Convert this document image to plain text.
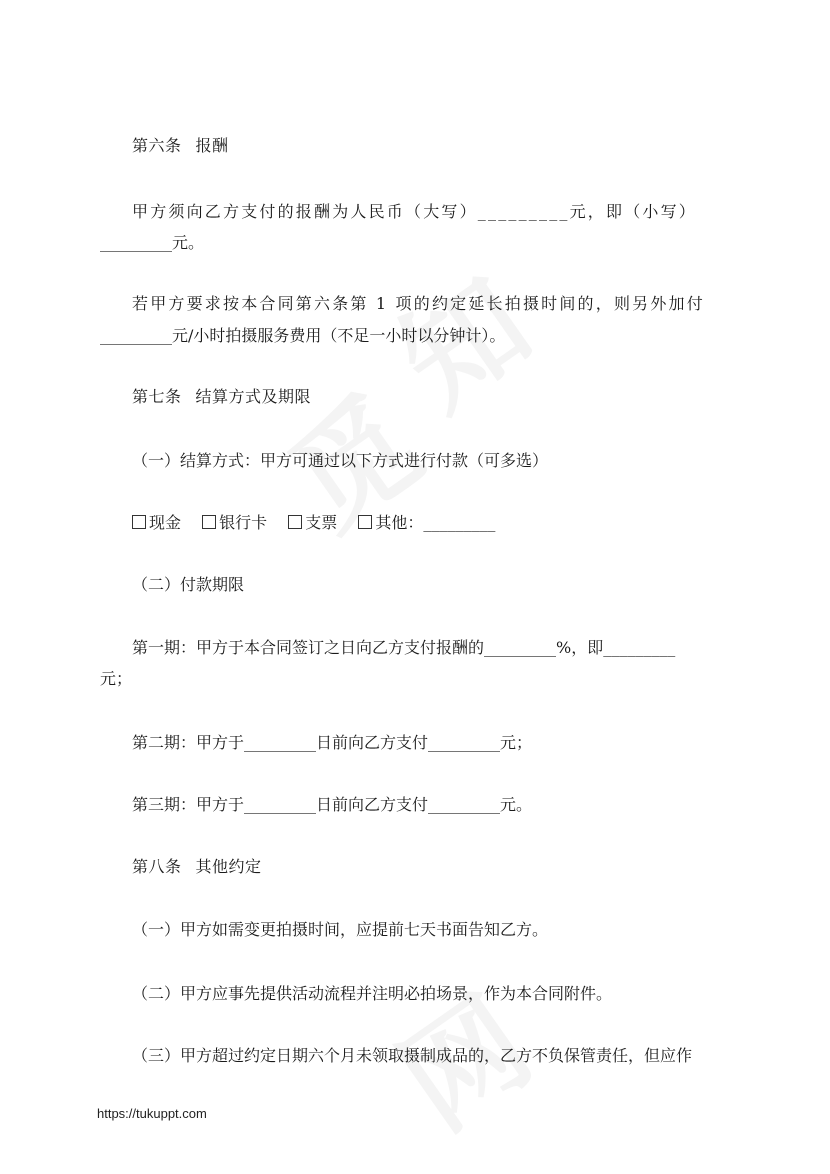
第六条 报酬
甲方须向乙方支付的报酬为人民币（大写）_________元，即（小写）
_________元。
若甲方要求按本合同第六条第 1 项的约定延长拍摄时间的，则另外加付
_________元/小时拍摄服务费用（不足一小时以分钟计）。
第七条 结算方式及期限
（一）结算方式：甲方可通过以下方式进行付款（可多选）
现金 银行卡 支票 其他：_________
（二）付款期限
第一期：甲方于本合同签订之日向乙方支付报酬的_________%，即_________
元；
第二期：甲方于_________日前向乙方支付_________元；
第三期：甲方于_________日前向乙方支付_________元。
第八条 其他约定
（一）甲方如需变更拍摄时间，应提前七天书面告知乙方。
（二）甲方应事先提供活动流程并注明必拍场景，作为本合同附件。
（三）甲方超过约定日期六个月未领取摄制成品的，乙方不负保管责任，但应作
https://tukuppt.com
